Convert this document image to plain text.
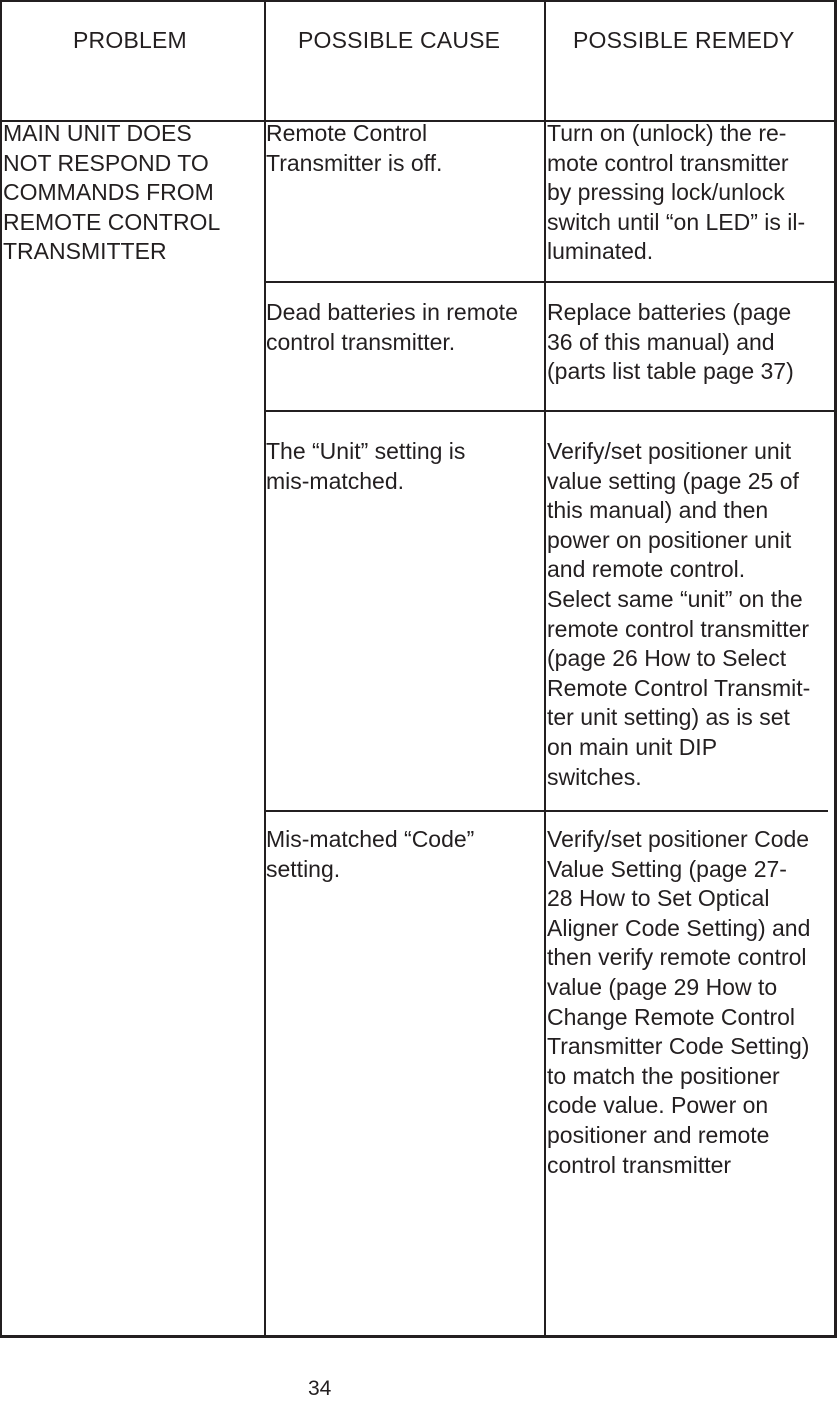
PROBLEM	POSSIBLE CAUSE	POSSIBLE REMEDY
MAIN UNIT DOES
NOT RESPOND TO
COMMANDS FROM
REMOTE CONTROL
TRANSMITTER
Remote Control
Transmitter is off.
Turn on (unlock) the re-
mote control transmitter
by pressing lock/unlock
switch until “on LED” is il-
luminated.
Dead batteries in remote
control transmitter.
Replace batteries (page
36 of this manual) and
(parts list table page 37)
The “Unit” setting is
mis-matched.
Verify/set positioner unit
value setting (page 25 of
this manual) and then
power on positioner unit
and remote control.
Select same “unit” on the
remote control transmitter
(page 26 How to Select
Remote Control Transmit-
ter unit setting) as is set
on main unit DIP
switches.
Mis-matched “Code”
setting.
Verify/set positioner Code
Value Setting (page 27-
28 How to Set Optical
Aligner Code Setting) and
then verify remote control
value (page 29 How to
Change Remote Control
Transmitter Code Setting)
to match the positioner
code value. Power on
positioner and remote
control transmitter
34
